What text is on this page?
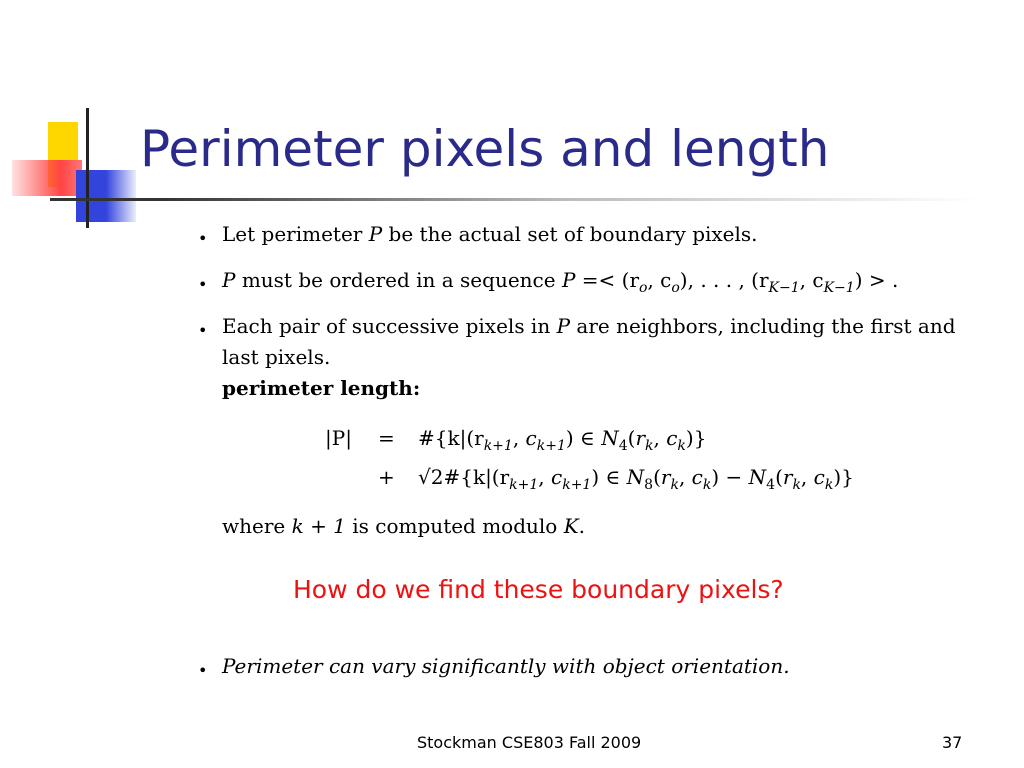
Perimeter pixels and length
• Let perimeter P be the actual set of boundary pixels.
• P must be ordered in a sequence $P =< (r_o$, $c_o$), . . . , ($r_{K-1}$, $c_{K-1}$) > .
• Each pair of successive pixels in P are neighbors, including the first and
last pixels.
perimeter length:
$|P| = \#\{k|(r_{k+1}$, $c_{k+1}$) ∈ $N_4(r_k$, $c_k$)}
+ $√2\#\{k|(r_{k+1}$, $c_{k+1}$) ∈ $N_8(r_k$, $c_k) - N_4(r_k$, $c_k$)}
where k + 1 is computed modulo K.

How do we find these boundary pixels?

• Perimeter can vary significantly with object orientation.
Stockman CSE803 Fall 2009	37
